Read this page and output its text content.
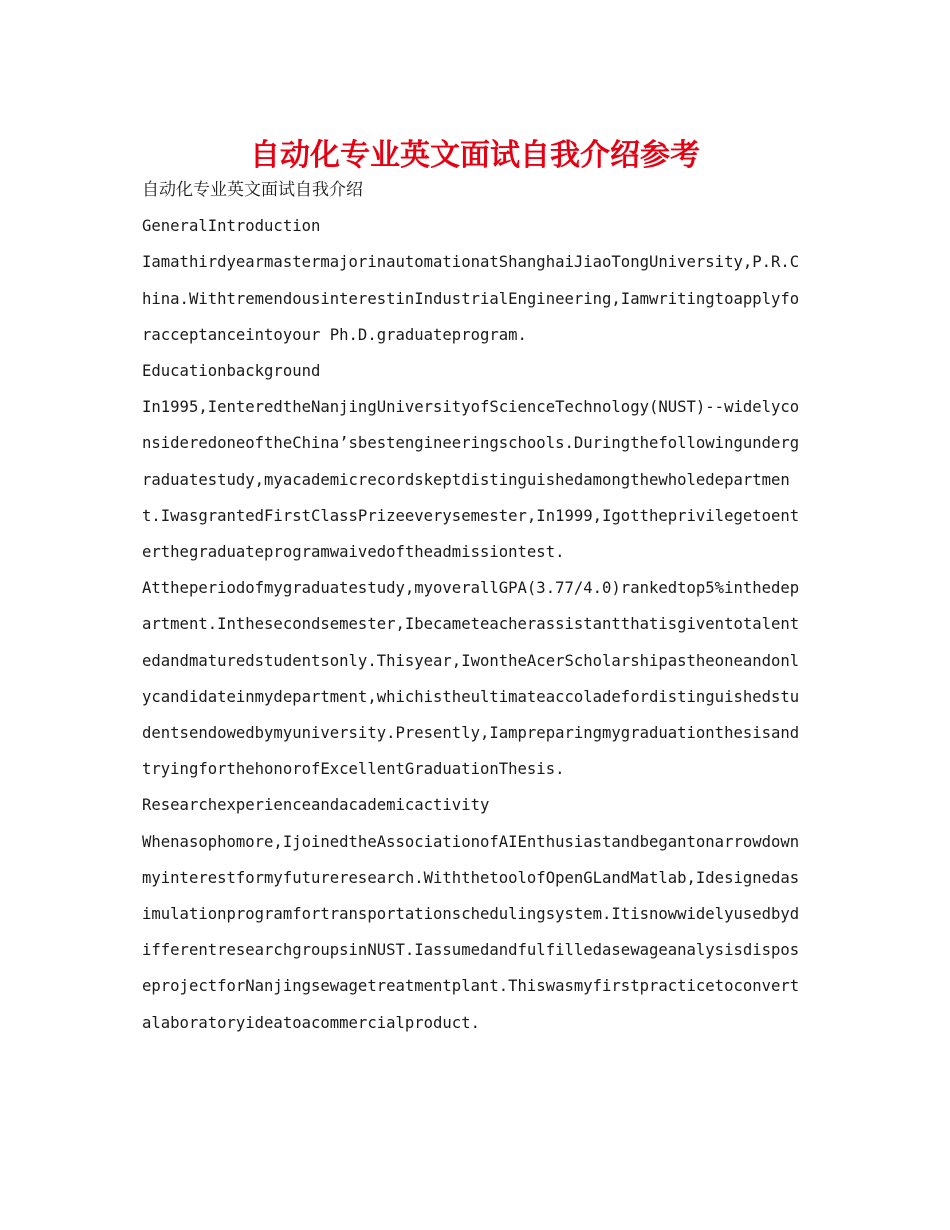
自动化专业英文面试自我介绍参考

自动化专业英文面试自我介绍

GeneralIntroduction

IamathirdyearmastermajorinautomationatShanghaiJiaoTongUniversity,P.R.China.WithtremendousinterestinIndustrialEngineering,Iamwritingtoapplyforacceptanceintoyour Ph.D.graduateprogram.

Educationbackground

In1995,IenteredtheNanjingUniversityofScienceTechnology(NUST)--widelyconsideredoneoftheChina’sbestengineeringschools.Duringthefollowingundergraduatestudy,myacademicrecordskeptdistinguishedamongthewholedepartment.IwasgrantedFirstClassPrizeeverysemester,In1999,Igottheprivilegetoenterthegraduateprogramwaivedoftheadmissiontest.

Attheperiodofmygraduatestudy,myoverallGPA(3.77/4.0)rankedtop5%inthedepartment.Inthesecondsemester,Ibecameteacherassistantthatisgiventotalentedandmaturedstudentsonly.Thisyear,IwontheAcerScholarshipastheoneandonlycandidateinmydepartment,whichistheultimateaccoladefordistinguishedstudentsendowedbymyuniversity.Presently,IampreparingmygraduationthesisandtryingforthehonorofExcellentGraduationThesis.

Researchexperienceandacademicactivity

Whenasophomore,IjoinedtheAssociationofAIEnthusiastandbegantonarrowdownmyinterestformyfutureresearch.WiththetoolofOpenGLandMatlab,Idesignedasimulationprogramfortransportationschedulingsystem.ItisnowwidelyusedbydifferentresearchgroupsinNUST.IassumedandfulfilledasewageanalysisdisposeprojectforNanjingsewagetreatmentplant.Thiswasmyfirstpracticetoconvertalaboratoryideatoacommercialproduct.
